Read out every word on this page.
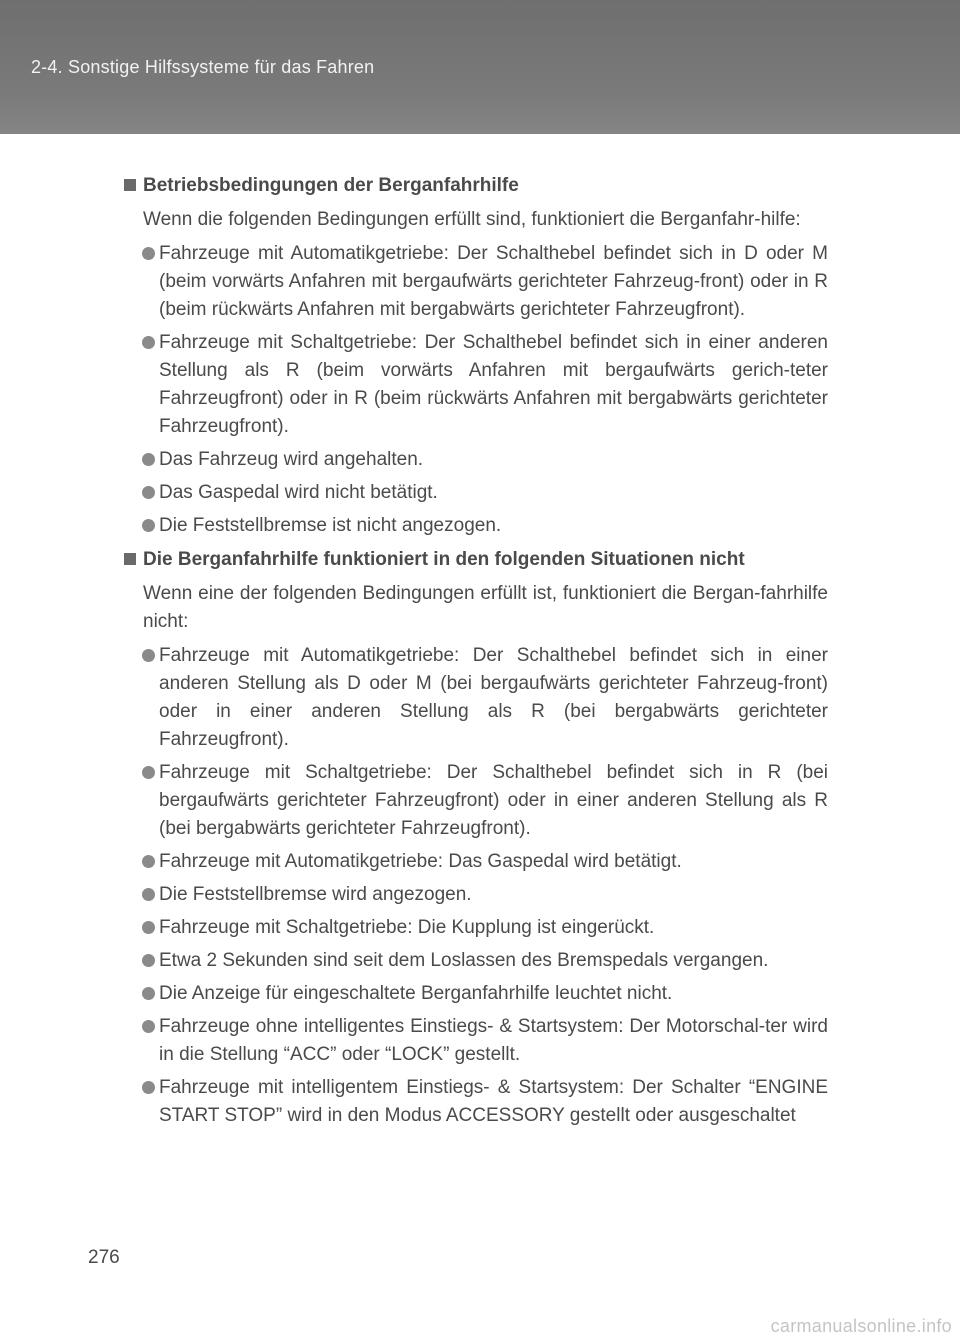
2-4. Sonstige Hilfssysteme für das Fahren
Betriebsbedingungen der Berganfahrhilfe
Wenn die folgenden Bedingungen erfüllt sind, funktioniert die Berganfahr-hilfe:
Fahrzeuge mit Automatikgetriebe: Der Schalthebel befindet sich in D oder M (beim vorwärts Anfahren mit bergaufwärts gerichteter Fahrzeug-front) oder in R (beim rückwärts Anfahren mit bergabwärts gerichteter Fahrzeugfront).
Fahrzeuge mit Schaltgetriebe: Der Schalthebel befindet sich in einer anderen Stellung als R (beim vorwärts Anfahren mit bergaufwärts gerich-teter Fahrzeugfront) oder in R (beim rückwärts Anfahren mit bergabwärts gerichteter Fahrzeugfront).
Das Fahrzeug wird angehalten.
Das Gaspedal wird nicht betätigt.
Die Feststellbremse ist nicht angezogen.
Die Berganfahrhilfe funktioniert in den folgenden Situationen nicht
Wenn eine der folgenden Bedingungen erfüllt ist, funktioniert die Bergan-fahrhilfe nicht:
Fahrzeuge mit Automatikgetriebe: Der Schalthebel befindet sich in einer anderen Stellung als D oder M (bei bergaufwärts gerichteter Fahrzeug-front) oder in einer anderen Stellung als R (bei bergabwärts gerichteter Fahrzeugfront).
Fahrzeuge mit Schaltgetriebe: Der Schalthebel befindet sich in R (bei bergaufwärts gerichteter Fahrzeugfront) oder in einer anderen Stellung als R (bei bergabwärts gerichteter Fahrzeugfront).
Fahrzeuge mit Automatikgetriebe: Das Gaspedal wird betätigt.
Die Feststellbremse wird angezogen.
Fahrzeuge mit Schaltgetriebe: Die Kupplung ist eingerückt.
Etwa 2 Sekunden sind seit dem Loslassen des Bremspedals vergangen.
Die Anzeige für eingeschaltete Berganfahrhilfe leuchtet nicht.
Fahrzeuge ohne intelligentes Einstiegs- & Startsystem: Der Motorschal-ter wird in die Stellung “ACC” oder “LOCK” gestellt.
Fahrzeuge mit intelligentem Einstiegs- & Startsystem: Der Schalter “ENGINE START STOP” wird in den Modus ACCESSORY gestellt oder ausgeschaltet
276
carmanualsonline.info
